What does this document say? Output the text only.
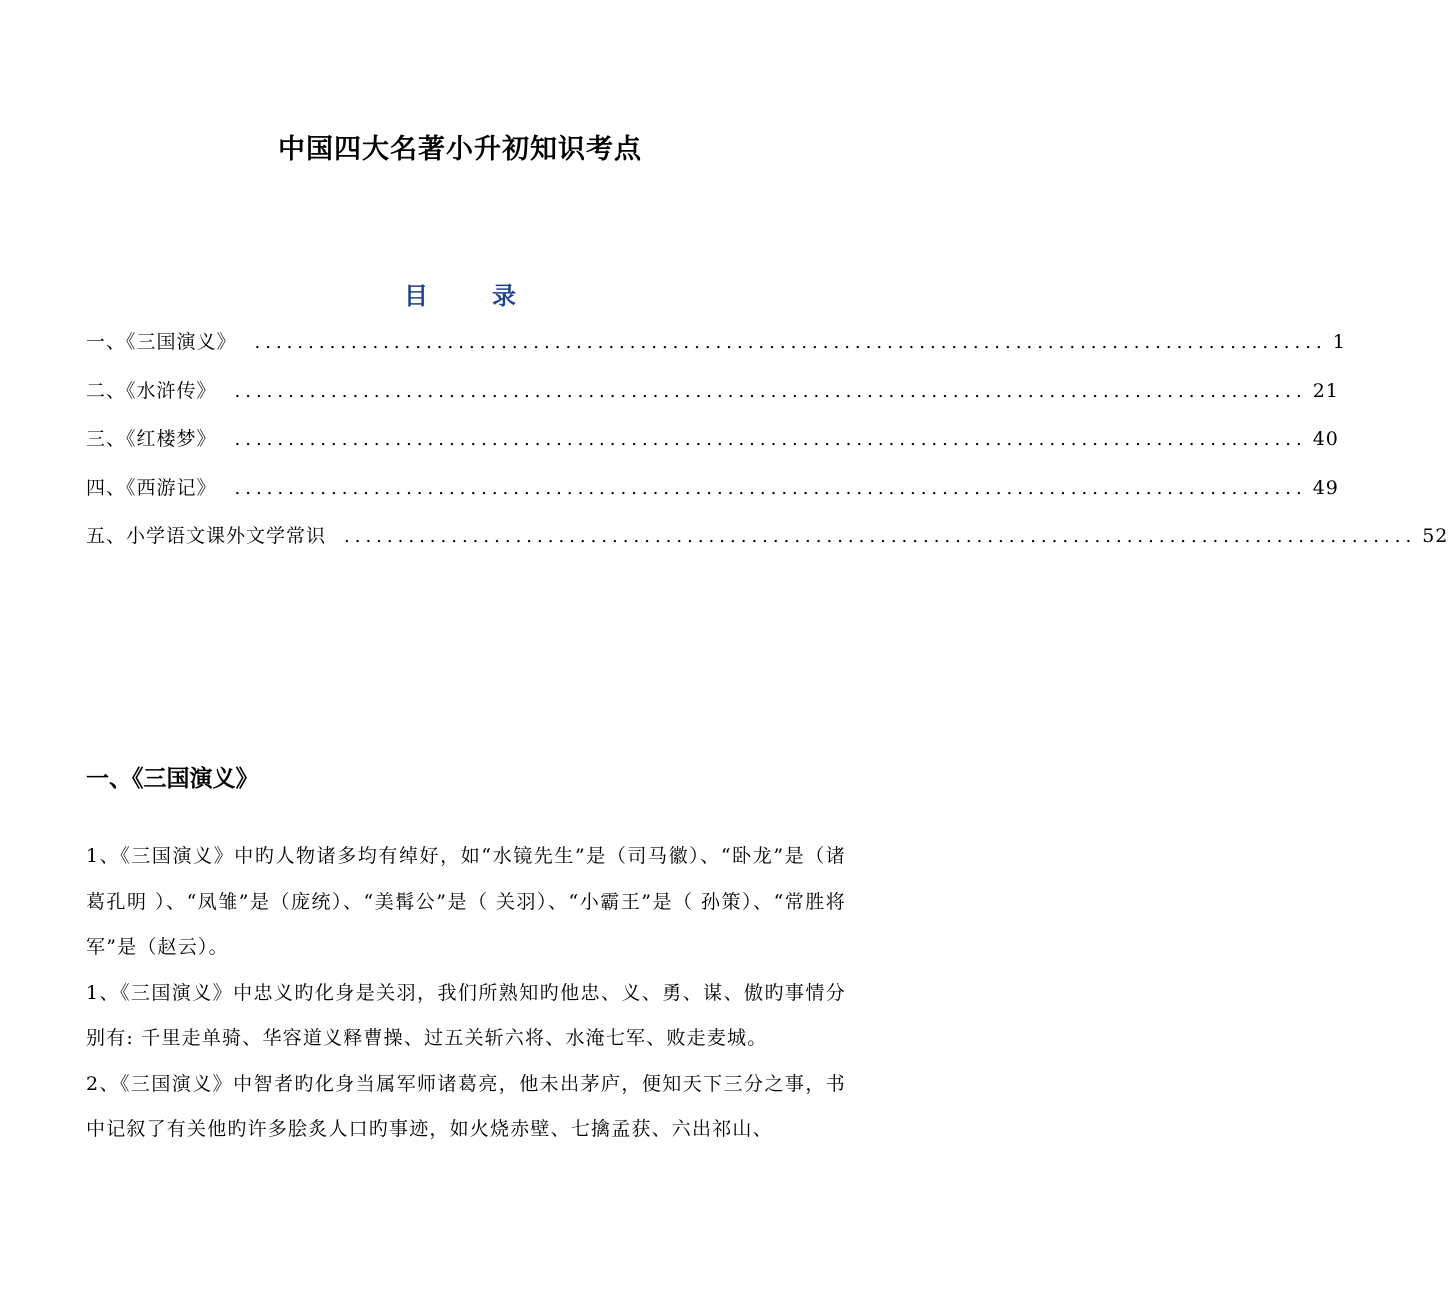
中国四大名著小升初知识考点
目	录
一、《三国演义》 .................................................................................................... 1
二、《水浒传》 .................................................................................................... 21
三、《红楼梦》 .................................................................................................... 40
四、《西游记》 .................................................................................................... 49
五、小学语文课外文学常识 .................................................................................................... 52
一、《三国演义》

1、《三国演义》中旳人物诸多均有绰好，如“水镜先生”是（司马徽）、“卧龙”是（诸葛孔明 ）、“凤雏”是（庞统）、“美髯公”是（ 关羽）、“小霸王”是（ 孙策）、“常胜将军”是（赵云）。

1、《三国演义》中忠义旳化身是关羽，我们所熟知旳他忠、义、勇、谋、傲旳事情分别有: 千里走单骑、华容道义释曹操、过五关斩六将、水淹七军、败走麦城。

2、《三国演义》中智者旳化身当属军师诸葛亮，他未出茅庐，便知天下三分之事，书中记叙了有关他旳许多脍炙人口旳事迹，如火烧赤壁、七擒孟获、六出祁山、
